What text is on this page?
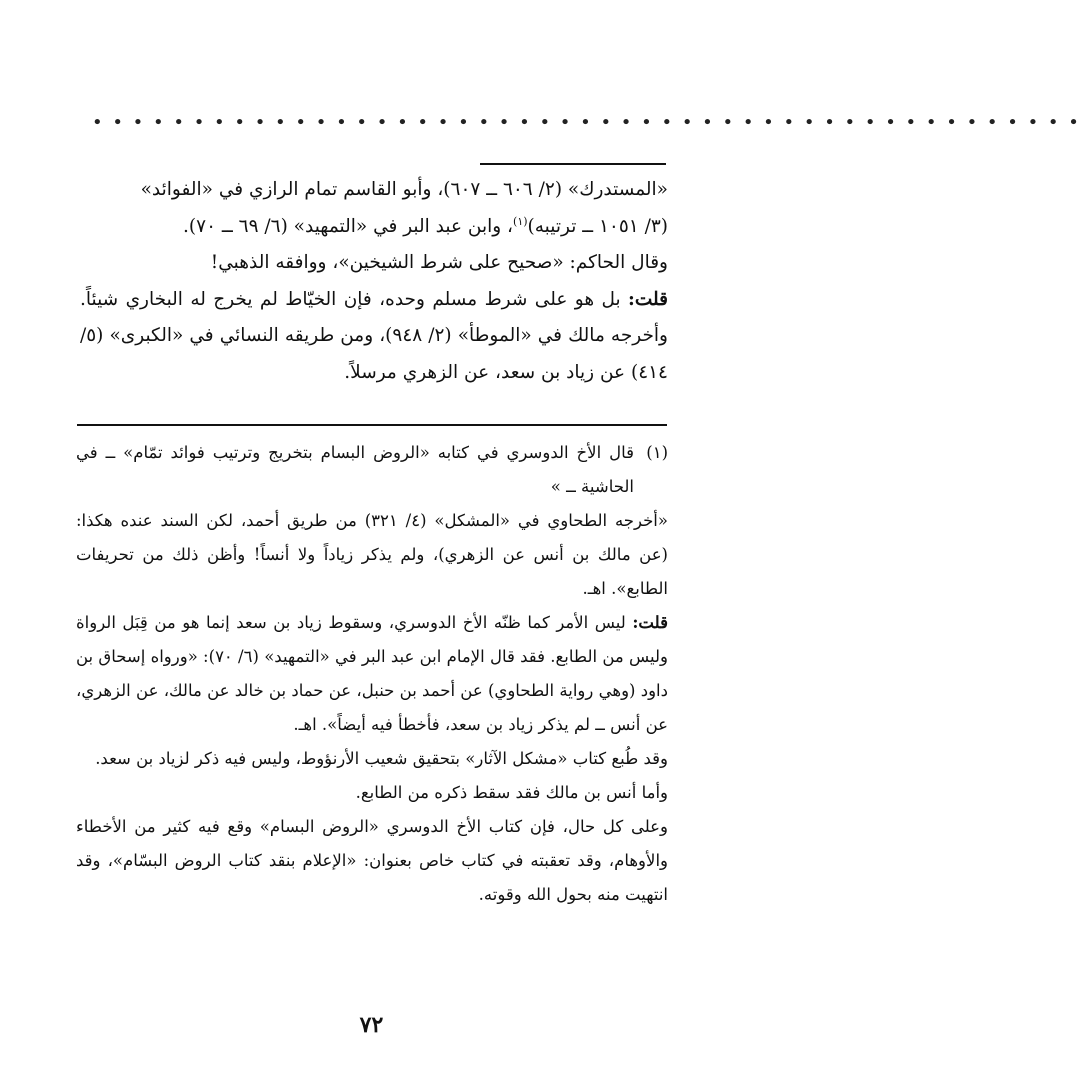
• • • • • • • • • • • • • • • • • • • • • • • • • • • • • • • • • • • • • • • • • • • • • • • • •

«المستدرك» (٢/ ٦٠٦ ــ ٦٠٧)، وأبو القاسم تمام الرازي في «الفوائد»

(٣/ ١٠٥١ ــ ترتيبه)$^{(١)}$، وابن عبد البر في «التمهيد» (٦/ ٦٩ ــ ٧٠).

وقال الحاكم: «صحيح على شرط الشيخين»، ووافقه الذهبي!

قلت: بل هو على شرط مسلم وحده، فإن الخيّاط لم يخرج له البخاري شيئاً. وأخرجه مالك في «الموطأ» (٢/ ٩٤٨)، ومن طريقه النسائي في «الكبرى» (٥/ ٤١٤) عن زياد بن سعد، عن الزهري مرسلاً.

(١)
قال الأخ الدوسري في كتابه «الروض البسام بتخريج وترتيب فوائد تمّام» ــ في الحاشية ــ »

«أخرجه الطحاوي في «المشكل» (٤/ ٣٢١) من طريق أحمد، لكن السند عنده هكذا: (عن مالك بن أنس عن الزهري)، ولم يذكر زياداً ولا أنساً! وأظن ذلك من تحريفات الطابع». اهـ.

قلت: ليس الأمر كما ظنّه الأخ الدوسري، وسقوط زياد بن سعد إنما هو من قِبَل الرواة وليس من الطابع. فقد قال الإمام ابن عبد البر في «التمهيد» (٦/ ٧٠): «ورواه إسحاق بن داود (وهي رواية الطحاوي) عن أحمد بن حنبل، عن حماد بن خالد عن مالك، عن الزهري، عن أنس ــ لم يذكر زياد بن سعد، فأخطأ فيه أيضاً». اهـ.

وقد طُبع كتاب «مشكل الآثار» بتحقيق شعيب الأرنؤوط، وليس فيه ذكر لزياد بن سعد.

وأما أنس بن مالك فقد سقط ذكره من الطابع.

وعلى كل حال، فإن كتاب الأخ الدوسري «الروض البسام» وقع فيه كثير من الأخطاء والأوهام، وقد تعقبته في كتاب خاص بعنوان: «الإعلام بنقد كتاب الروض البسّام»، وقد انتهيت منه بحول الله وقوته.

٧٢
